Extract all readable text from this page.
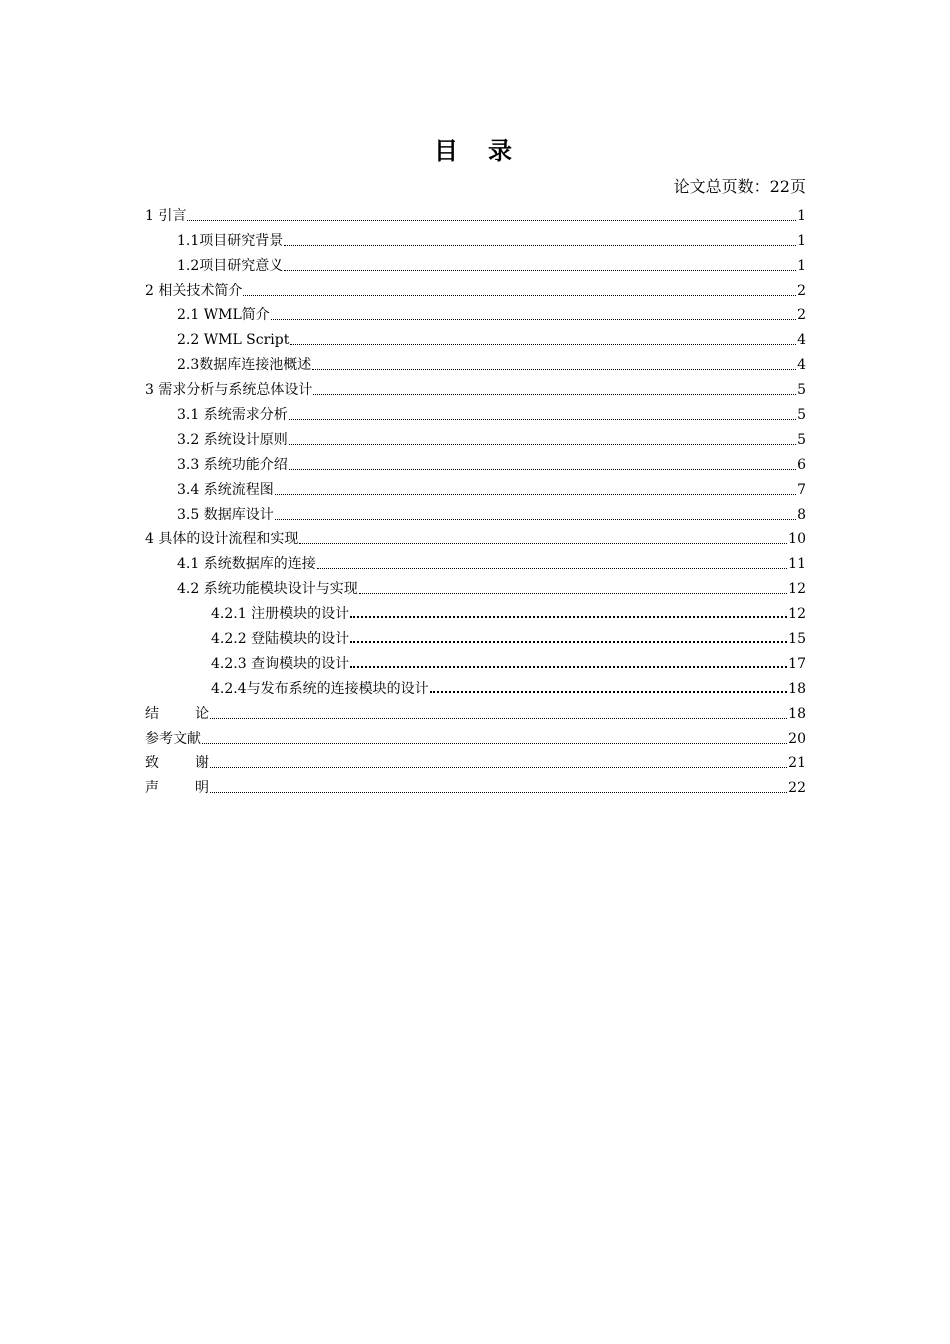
目 录
论文总页数：22页
1 引言	1
1.1项目研究背景	1
1.2项目研究意义	1
2 相关技术简介	2
2.1 WML简介	2
2.2 WML Script	4
2.3数据库连接池概述	4
3 需求分析与系统总体设计	5
3.1 系统需求分析	5
3.2 系统设计原则	5
3.3 系统功能介绍	6
3.4 系统流程图	7
3.5 数据库设计	8
4 具体的设计流程和实现	10
4.1 系统数据库的连接	11
4.2 系统功能模块设计与实现	12
4.2.1 注册模块的设计	12
4.2.2 登陆模块的设计	15
4.2.3 查询模块的设计	17
4.2.4与发布系统的连接模块的设计	18
结论	18
参考文献	20
致谢	21
声明	22
